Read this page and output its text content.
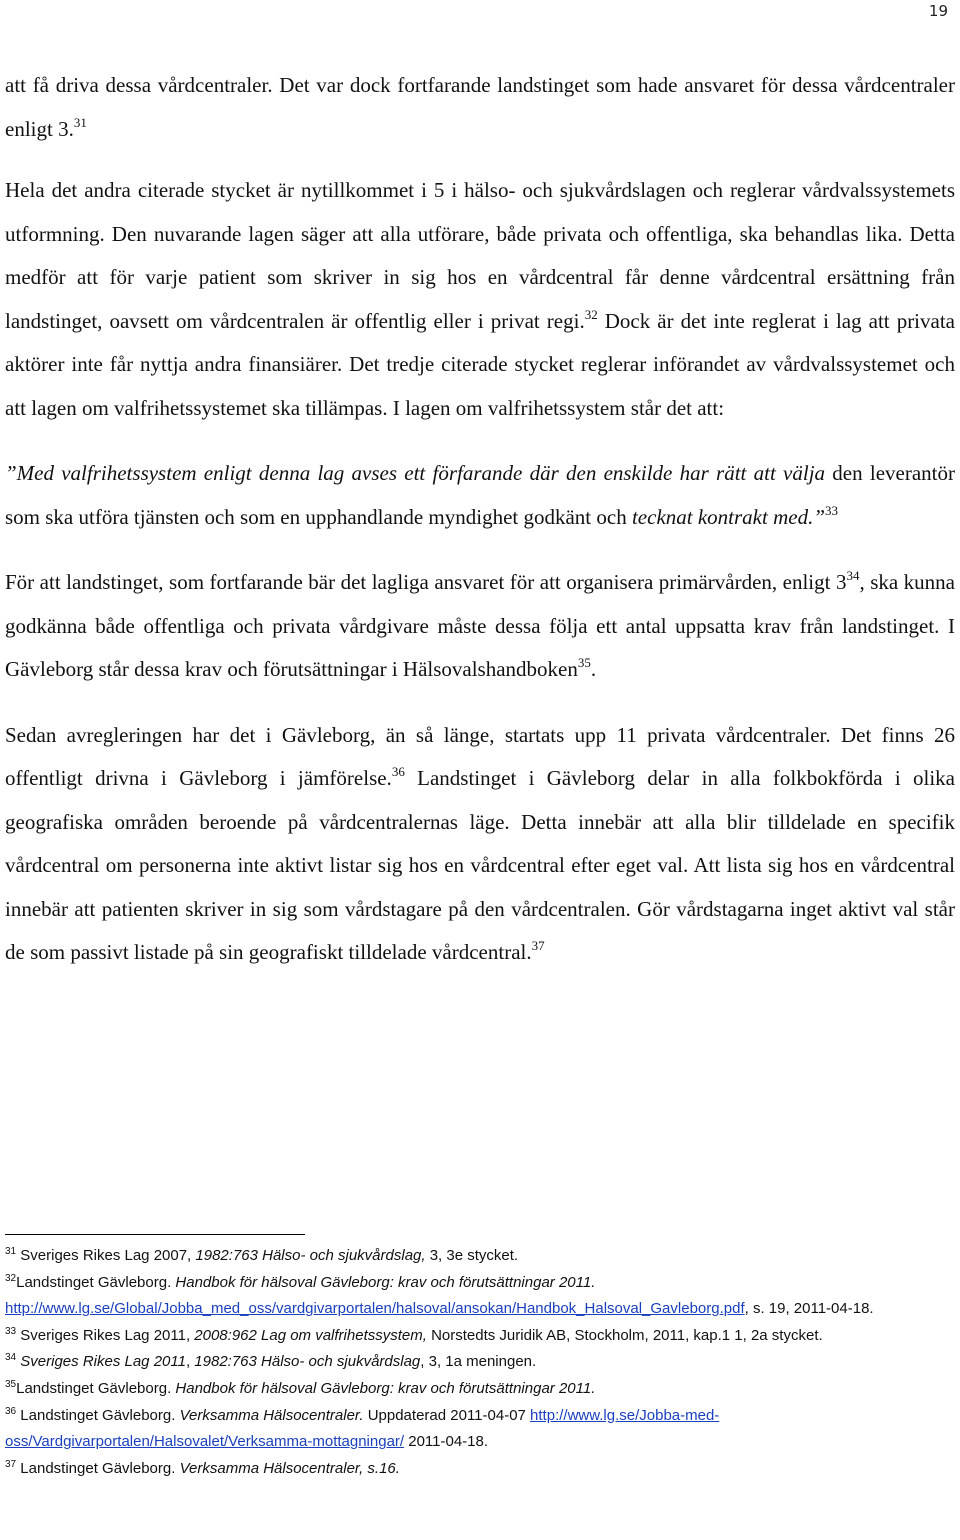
19

att få driva dessa vårdcentraler. Det var dock fortfarande landstinget som hade ansvaret för dessa vårdcentraler enligt 3.31

Hela det andra citerade stycket är nytillkommet i 5 i hälso- och sjukvårdslagen och reglerar vårdvalssystemets utformning. Den nuvarande lagen säger att alla utförare, både privata och offentliga, ska behandlas lika. Detta medför att för varje patient som skriver in sig hos en vårdcentral får denne vårdcentral ersättning från landstinget, oavsett om vårdcentralen är offentlig eller i privat regi.$^{32}$ Dock är det inte reglerat i lag att privata aktörer inte får nyttja andra finansiärer. Det tredje citerade stycket reglerar införandet av vårdvalssystemet och att lagen om valfrihetssystemet ska tillämpas. I lagen om valfrihetssystem står det att:

”Med valfrihetssystem enligt denna lag avses ett förfarande där den enskilde har rätt att välja den leverantör som ska utföra tjänsten och som en upphandlande myndighet godkänt och tecknat kontrakt med.”$^{33}$

För att landstinget, som fortfarande bär det lagliga ansvaret för att organisera primärvården, enligt $3^{34}$, ska kunna godkänna både offentliga och privata vårdgivare måste dessa följa ett antal uppsatta krav från landstinget. I Gävleborg står dessa krav och förutsättningar i Hälsovalshandboken$^{35}$.

Sedan avregleringen har det i Gävleborg, än så länge, startats upp 11 privata vårdcentraler. Det finns 26 offentligt drivna i Gävleborg i jämförelse.$^{36}$ Landstinget i Gävleborg delar in alla folkbokförda i olika geografiska områden beroende på vårdcentralernas läge. Detta innebär att alla blir tilldelade en specifik vårdcentral om personerna inte aktivt listar sig hos en vårdcentral efter eget val. Att lista sig hos en vårdcentral innebär att patienten skriver in sig som vårdstagare på den vårdcentralen. Gör vårdstagarna inget aktivt val står de som passivt listade på sin geografiskt tilldelade vårdcentral.$^{37}$

$^{31}$ Sveriges Rikes Lag 2007, 1982:763 Hälso- och sjukvårdslag, 3, 3e stycket.

$^{32}$Landstinget Gävleborg. Handbok för hälsoval Gävleborg: krav och förutsättningar 2011.
http://www.lg.se/Global/Jobba_med_oss/vardgivarportalen/halsoval/ansokan/Handbok_Halsoval_Gavleborg.pdf, s. 19, 2011-04-18.

$^{33}$ Sveriges Rikes Lag 2011, 2008:962 Lag om valfrihetssystem, Norstedts Juridik AB, Stockholm, 2011, kap.1 1, 2a stycket.

$^{34}$ Sveriges Rikes Lag 2011, 1982:763 Hälso- och sjukvårdslag, 3, 1a meningen.

$^{35}$Landstinget Gävleborg. Handbok för hälsoval Gävleborg: krav och förutsättningar 2011.

$^{36}$ Landstinget Gävleborg. Verksamma Hälsocentraler. Uppdaterad 2011-04-07 http://www.lg.se/Jobba-med-oss/Vardgivarportalen/Halsovalet/Verksamma-mottagningar/ 2011-04-18.

$^{37}$ Landstinget Gävleborg. Verksamma Hälsocentraler, s.16.
